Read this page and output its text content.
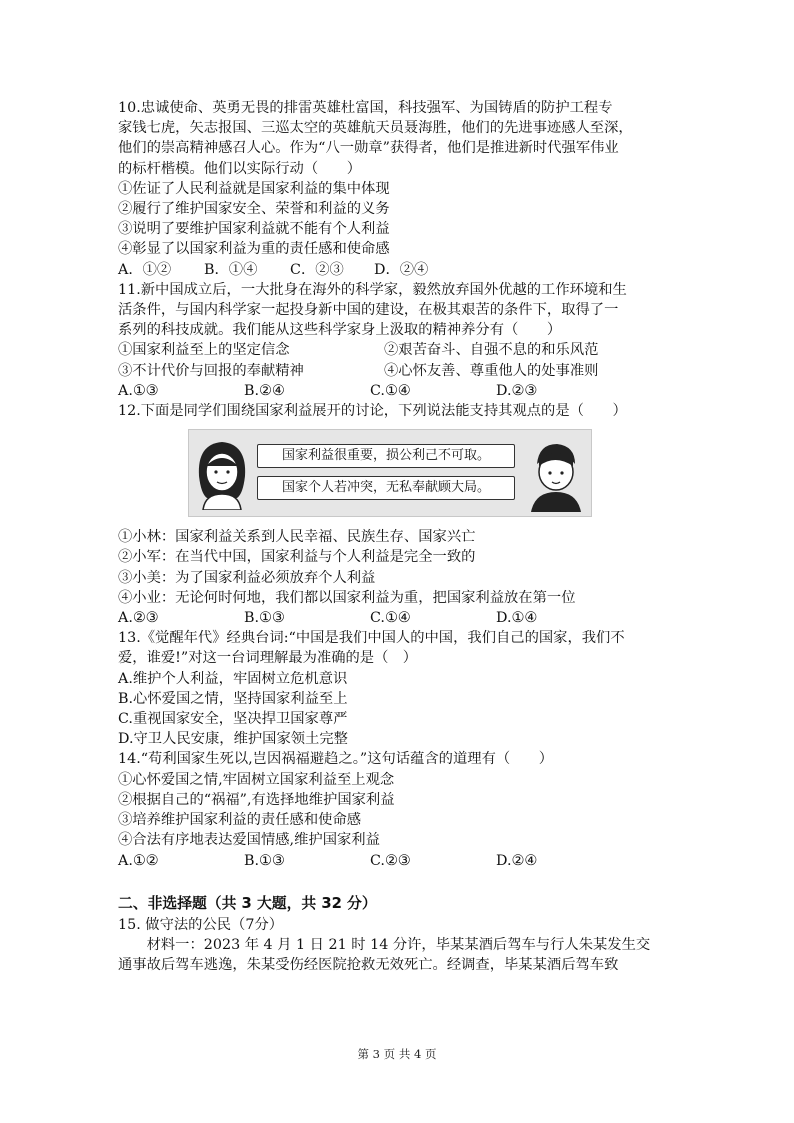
10.忠诚使命、英勇无畏的排雷英雄杜富国，科技强军、为国铸盾的防护工程专
家钱七虎，矢志报国、三巡太空的英雄航天员聂海胜，他们的先进事迹感人至深，
他们的崇高精神感召人心。作为“八一勋章”获得者，他们是推进新时代强军伟业
的标杆楷模。他们以实际行动（　　）
①佐证了人民利益就是国家利益的集中体现
②履行了维护国家安全、荣誉和利益的义务
③说明了要维护国家利益就不能有个人利益
④彰显了以国家利益为重的责任感和使命感
A．①②	B．①④	C．②③	D．②④
11.新中国成立后，一大批身在海外的科学家，毅然放弃国外优越的工作环境和生
活条件，与国内科学家一起投身新中国的建设，在极其艰苦的条件下，取得了一
系列的科技成就。我们能从这些科学家身上汲取的精神养分有（　　）
①国家利益至上的坚定信念	②艰苦奋斗、自强不息的和乐风范
③不计代价与回报的奉献精神	④心怀友善、尊重他人的处事准则
A.①③	B.②④	C.①④	D.②③
12.下面是同学们围绕国家利益展开的讨论，下列说法能支持其观点的是（　　）
国家利益很重要，损公利己不可取。
国家个人若冲突，无私奉献顾大局。
①小林：国家利益关系到人民幸福、民族生存、国家兴亡
②小军：在当代中国，国家利益与个人利益是完全一致的
③小美：为了国家利益必须放弃个人利益
④小业：无论何时何地，我们都以国家利益为重，把国家利益放在第一位
A.②③	B.①③	C.①④	D.①④
13.《觉醒年代》经典台词:“中国是我们中国人的中国，我们自己的国家，我们不
爱，谁爱!”对这一台词理解最为准确的是（　）
A.维护个人利益，牢固树立危机意识
B.心怀爱国之情，坚持国家利益至上
C.重视国家安全，坚决捍卫国家尊严
D.守卫人民安康，维护国家领土完整
14.“苟利国家生死以,岂因祸福避趋之。”这句话蕴含的道理有（　　）
①心怀爱国之情,牢固树立国家利益至上观念
②根据自己的“祸福”,有选择地维护国家利益
③培养维护国家利益的责任感和使命感
④合法有序地表达爱国情感,维护国家利益
A.①②	B.①③	C.②③	D.②④
二、非选择题（共 3 大题，共 32 分）
15. 做守法的公民（7分）
材料一：2023 年 4 月 1 日 21 时 14 分许，毕某某酒后驾车与行人朱某发生交
通事故后驾车逃逸，朱某受伤经医院抢救无效死亡。经调查，毕某某酒后驾车致
第 3 页 共 4 页
